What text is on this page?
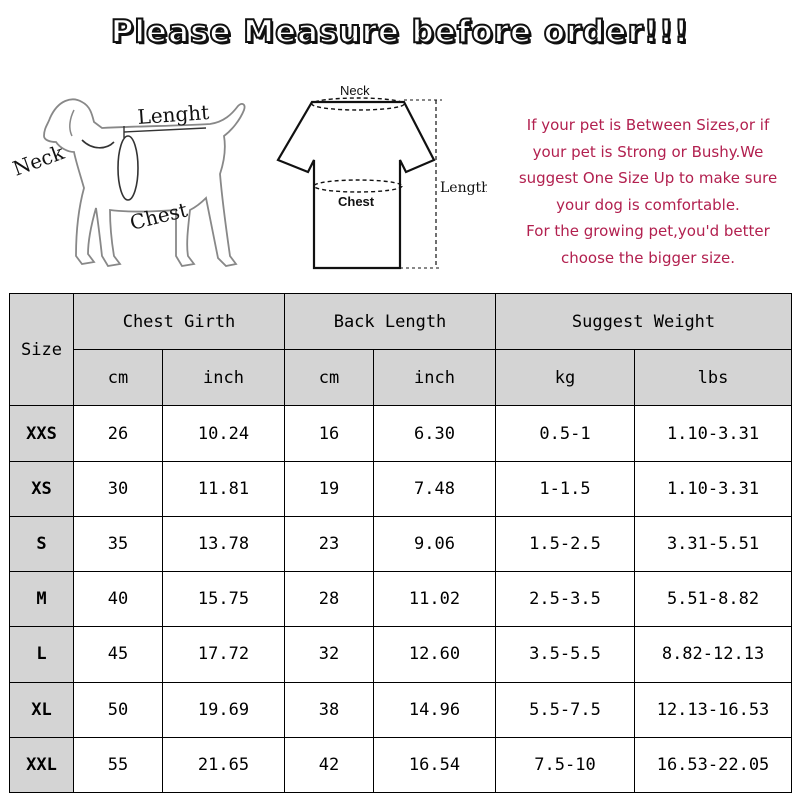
Please Measure before order!!!
Lenght
Neck
Chest
Neck
Chest
Length
If your pet is Between Sizes,or if
your pet is Strong or Bushy.We
suggest One Size Up to make sure
your dog is comfortable.
For the growing pet,you'd better
choose the bigger size.
Size	Chest Girth		Back Length		Suggest Weight	
	cm	inch	cm	inch	kg	lbs
XXS	26	10.24	16	6.30	0.5-1	1.10-3.31
XS	30	11.81	19	7.48	1-1.5	1.10-3.31
S	35	13.78	23	9.06	1.5-2.5	3.31-5.51
M	40	15.75	28	11.02	2.5-3.5	5.51-8.82
L	45	17.72	32	12.60	3.5-5.5	8.82-12.13
XL	50	19.69	38	14.96	5.5-7.5	12.13-16.53
XXL	55	21.65	42	16.54	7.5-10	16.53-22.05
